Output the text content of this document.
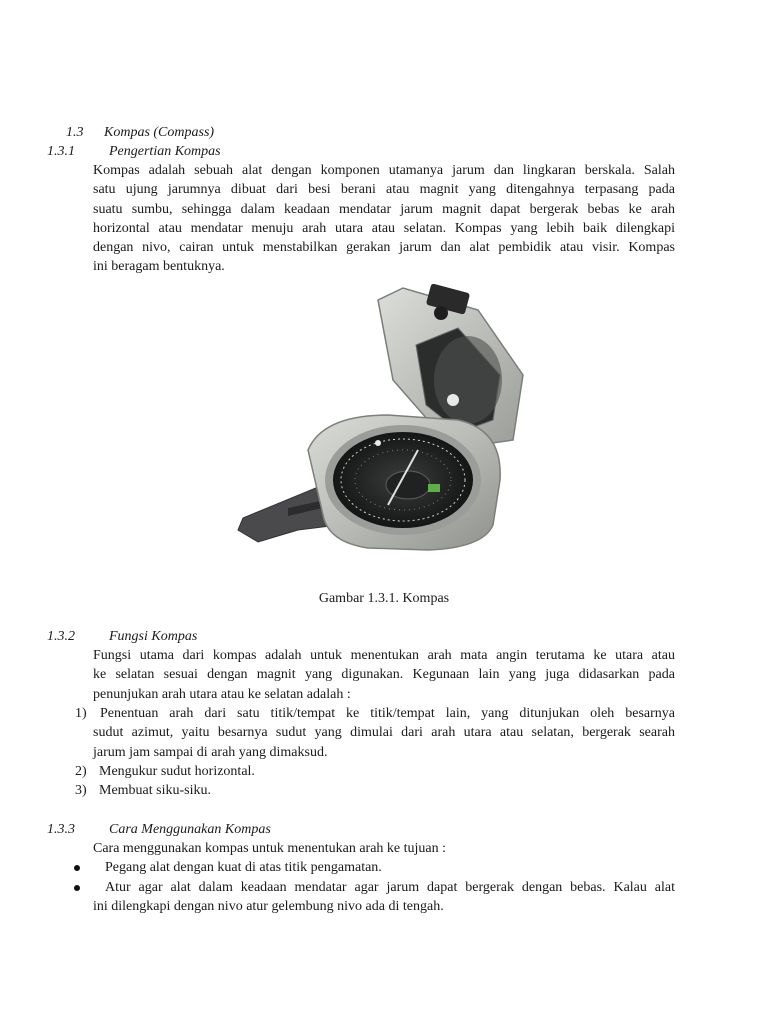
1.3 Kompas (Compass)
1.3.1 Pengertian Kompas
Kompas adalah sebuah alat dengan komponen utamanya jarum dan lingkaran berskala. Salah
satu ujung jarumnya dibuat dari besi berani atau magnit yang ditengahnya terpasang pada
suatu sumbu, sehingga dalam keadaan mendatar jarum magnit dapat bergerak bebas ke arah
horizontal atau mendatar menuju arah utara atau selatan. Kompas yang lebih baik dilengkapi
dengan nivo, cairan untuk menstabilkan gerakan jarum dan alat pembidik atau visir. Kompas
ini beragam bentuknya.
Gambar 1.3.1. Kompas
1.3.2 Fungsi Kompas
Fungsi utama dari kompas adalah untuk menentukan arah mata angin terutama ke utara atau
ke selatan sesuai dengan magnit yang digunakan. Kegunaan lain yang juga didasarkan pada
penunjukan arah utara atau ke selatan adalah :
1) Penentuan arah dari satu titik/tempat ke titik/tempat lain, yang ditunjukan oleh besarnya
sudut azimut, yaitu besarnya sudut yang dimulai dari arah utara atau selatan, bergerak searah
jarum jam sampai di arah yang dimaksud.
2) Mengukur sudut horizontal.
3) Membuat siku-siku.
1.3.3 Cara Menggunakan Kompas
Cara menggunakan kompas untuk menentukan arah ke tujuan :
Pegang alat dengan kuat di atas titik pengamatan.
Atur agar alat dalam keadaan mendatar agar jarum dapat bergerak dengan bebas. Kalau alat
ini dilengkapi dengan nivo atur gelembung nivo ada di tengah.
